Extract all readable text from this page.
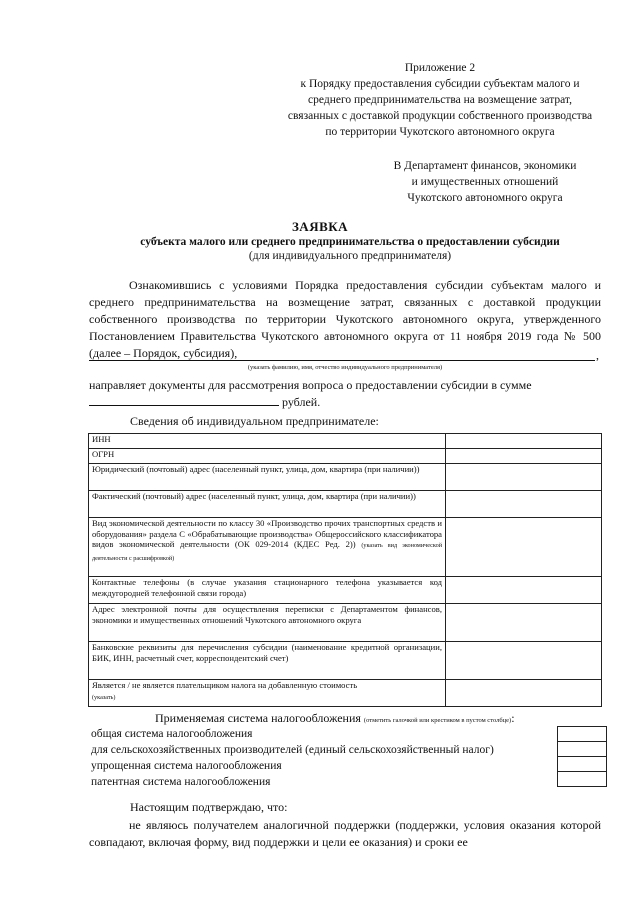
Приложение 2
к Порядку предоставления субсидии субъектам малого и
среднего предпринимательства на возмещение затрат,
связанных с доставкой продукции собственного производства
по территории Чукотского автономного округа
В Департамент финансов, экономики
и имущественных отношений
Чукотского автономного округа
ЗАЯВКА
субъекта малого или среднего предпринимательства о предоставлении субсидии
(для индивидуального предпринимателя)

Ознакомившись с условиями Порядка предоставления субсидии субъектам малого и среднего предпринимательства на возмещение затрат, связанных с доставкой продукции собственного производства по территории Чукотского автономного округа, утвержденного Постановлением Правительства Чукотского автономного округа от 11 ноября 2019 года № 500 (далее – Порядок, субсидия),	,
(указать фамилию, имя, отчество индивидуального предпринимателя)

направляет документы для рассмотрения вопроса о предоставлении субсидии в сумме
рублей.

Сведения об индивидуальном предпринимателе:
ИНН	
ОГРН	
Юридический (почтовый) адрес (населенный пункт, улица, дом, квартира (при наличии))	
Фактический (почтовый) адрес (населенный пункт, улица, дом, квартира (при наличии))	
Вид экономической деятельности по классу 30 «Производство прочих транспортных средств и оборудования» раздела С «Обрабатывающие производства» Общероссийского классификатора видов экономической деятельности (ОК 029-2014 (КДЕС Ред. 2)) (указать вид экономической деятельности с расшифровкой)	
Контактные телефоны (в случае указания стационарного телефона указывается код междугородней телефонной связи города)	
Адрес электронной почты для осуществления переписки с Департаментом финансов, экономики и имущественных отношений Чукотского автономного округа	
Банковские реквизиты для перечисления субсидии (наименование кредитной организации, БИК, ИНН, расчетный счет, корреспондентский счет)	
Является / не является плательщиком налога на добавленную стоимость
(указать)	
Применяемая система налогообложения (отметить галочкой или крестиком в пустом столбце):
общая система налогообложения
для сельскохозяйственных производителей (единый сельскохозяйственный налог)
упрощенная система налогообложения
патентная система налогообложения
Настоящим подтверждаю, что:

не являюсь получателем аналогичной поддержки (поддержки, условия оказания которой совпадают, включая форму, вид поддержки и цели ее оказания) и сроки ее
